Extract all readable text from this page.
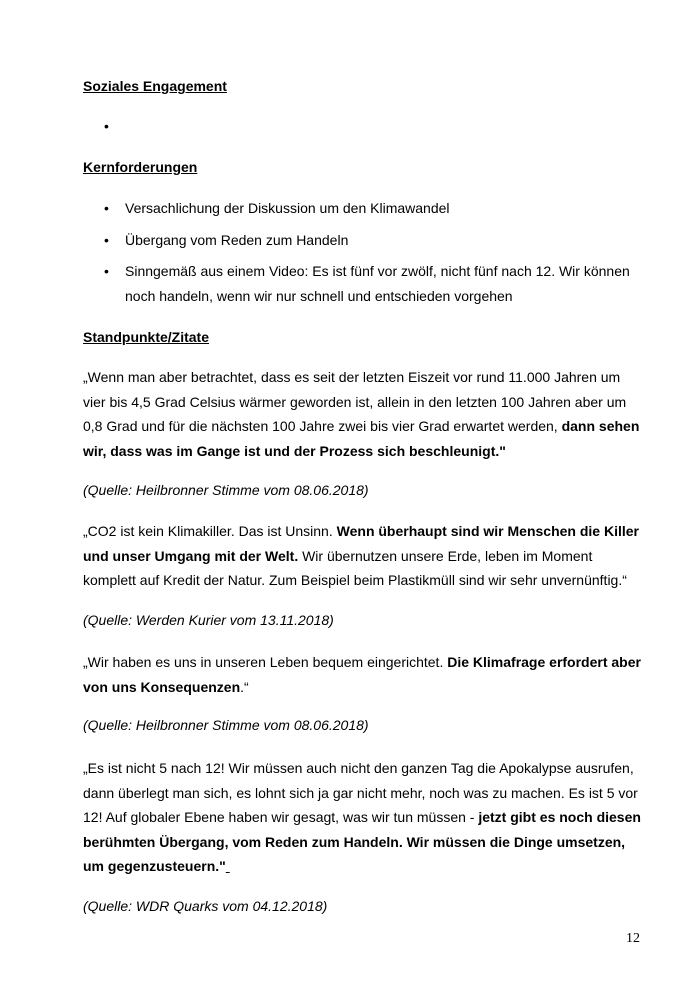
Soziales Engagement
•
Kernforderungen
•	Versachlichung der Diskussion um den Klimawandel
•	Übergang vom Reden zum Handeln
•	Sinngemäß aus einem Video: Es ist fünf vor zwölf, nicht fünf nach 12. Wir können noch handeln, wenn wir nur schnell und entschieden vorgehen
Standpunkte/Zitate
„Wenn man aber betrachtet, dass es seit der letzten Eiszeit vor rund 11.000 Jahren um vier bis 4,5 Grad Celsius wärmer geworden ist, allein in den letzten 100 Jahren aber um 0,8 Grad und für die nächsten 100 Jahre zwei bis vier Grad erwartet werden, dann sehen wir, dass was im Gange ist und der Prozess sich beschleunigt."
(Quelle: Heilbronner Stimme vom 08.06.2018)
„CO2 ist kein Klimakiller. Das ist Unsinn. Wenn überhaupt sind wir Menschen die Killer und unser Umgang mit der Welt. Wir übernutzen unsere Erde, leben im Moment komplett auf Kredit der Natur. Zum Beispiel beim Plastikmüll sind wir sehr unvernünftig.“
(Quelle: Werden Kurier vom 13.11.2018)
„Wir haben es uns in unseren Leben bequem eingerichtet. Die Klimafrage erfordert aber von uns Konsequenzen.“
(Quelle: Heilbronner Stimme vom 08.06.2018)
„Es ist nicht 5 nach 12! Wir müssen auch nicht den ganzen Tag die Apokalypse ausrufen, dann überlegt man sich, es lohnt sich ja gar nicht mehr, noch was zu machen. Es ist 5 vor 12! Auf globaler Ebene haben wir gesagt, was wir tun müssen - jetzt gibt es noch diesen berühmten Übergang, vom Reden zum Handeln. Wir müssen die Dinge umsetzen, um gegenzusteuern."
(Quelle: WDR Quarks vom 04.12.2018)
12
